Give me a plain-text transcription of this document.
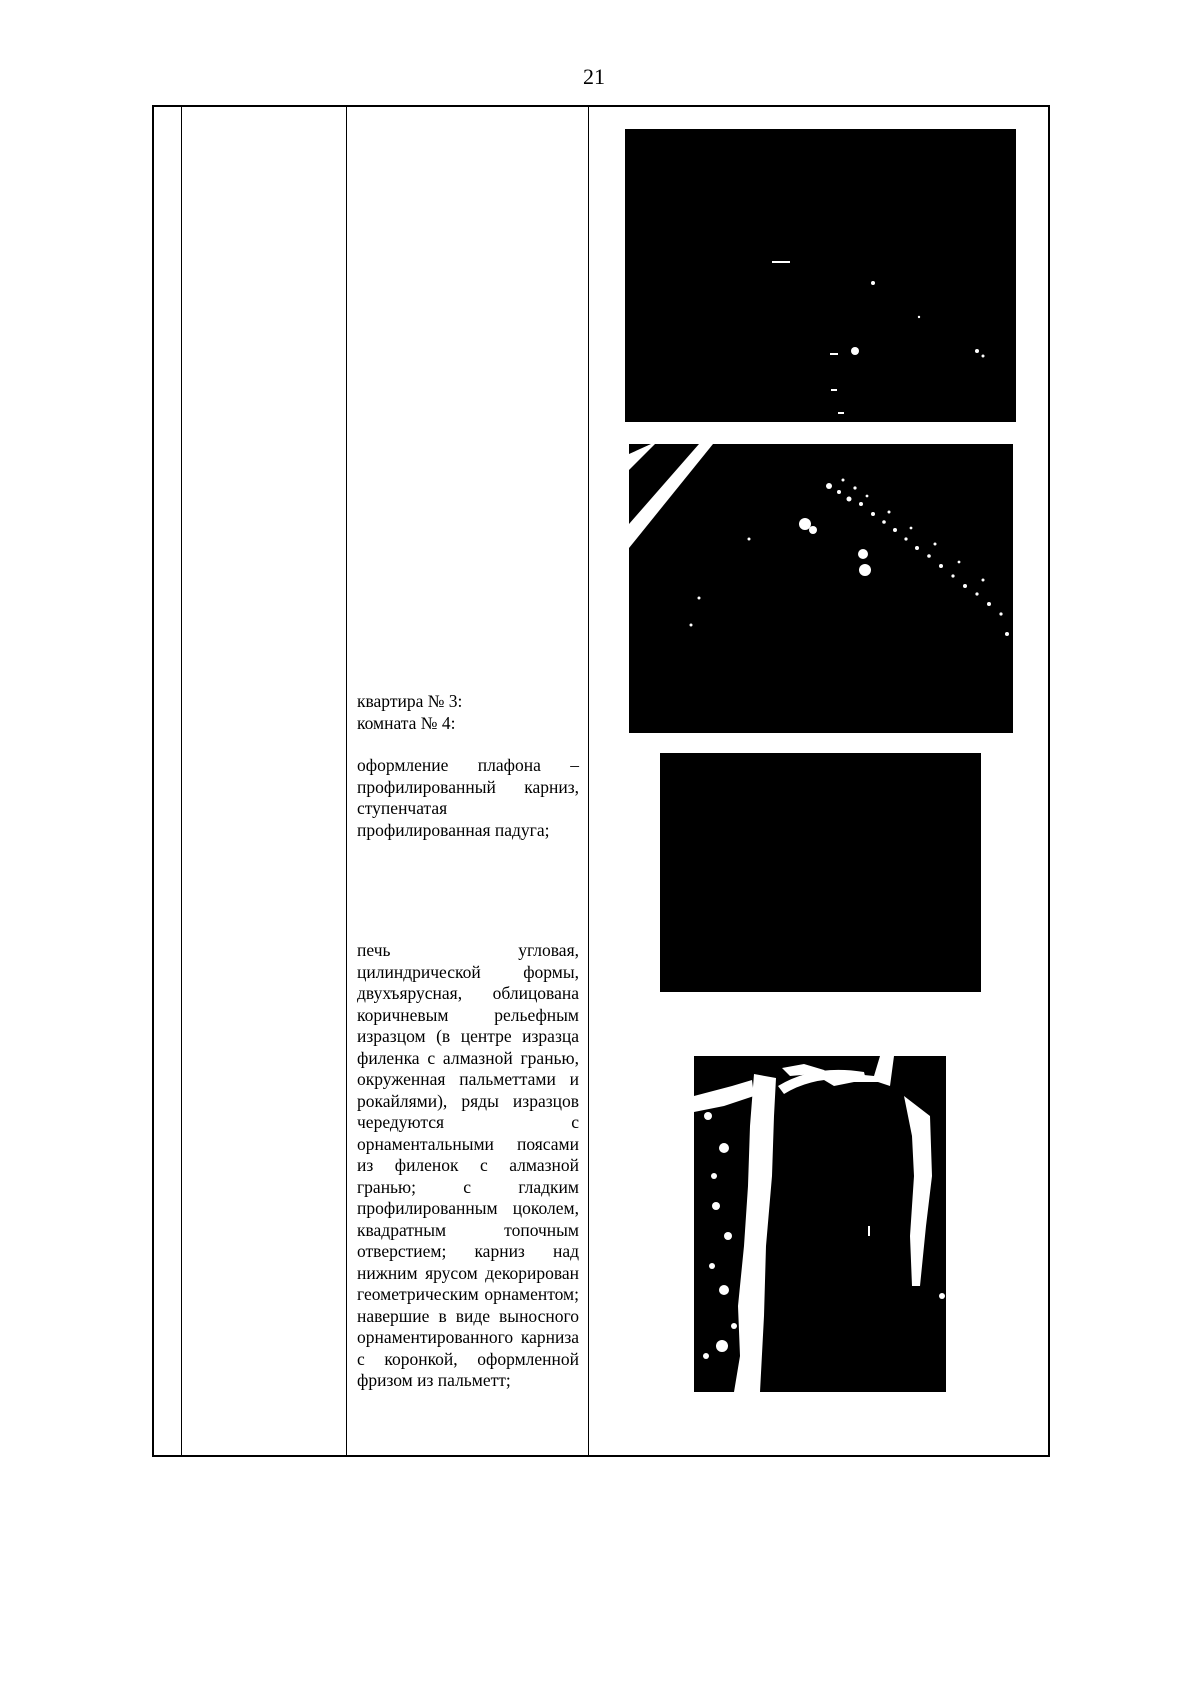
21
квартира № 3:
комната № 4:
оформление плафона – профилированный карниз, ступенчатая профилированная падуга;
печь угловая, цилиндрической формы, двухъярусная, облицована коричневым рельефным изразцом (в центре изразца филенка с алмазной гранью, окруженная пальметтами и рокайлями), ряды изразцов чередуются с орнаментальными поясами из филенок с алмазной гранью; с гладким профилированным цоколем, квадратным топочным отверстием; карниз над нижним ярусом декорирован геометрическим орнаментом; навершие в виде выносного орнаментированного карниза с коронкой, оформленной фризом из пальметт;
